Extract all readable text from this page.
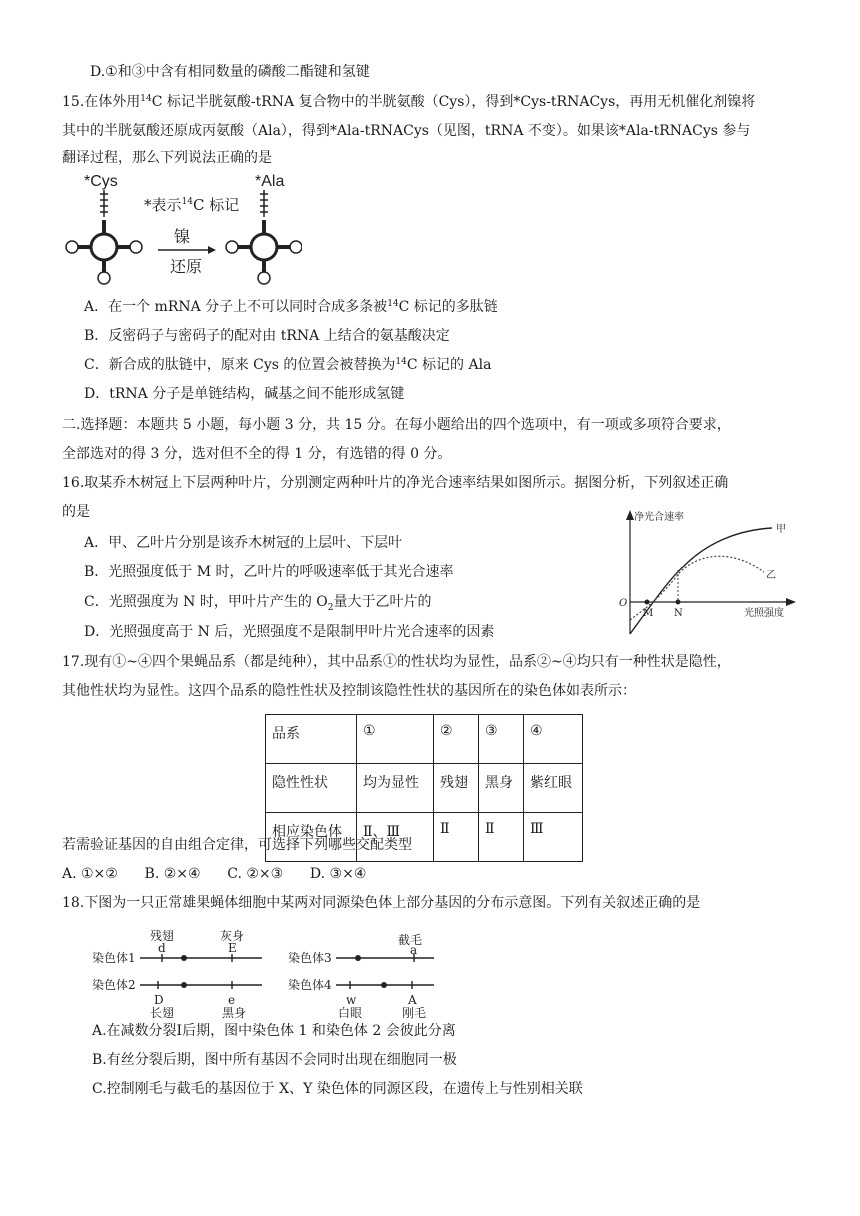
D.①和③中含有相同数量的磷酸二酯键和氢键
15.在体外用$^{14}$C 标记半胱氨酸-tRNA 复合物中的半胱氨酸（Cys），得到*Cys-tRNACys，再用无机催化剂镍将
其中的半胱氨酸还原成丙氨酸（Ala），得到*Ala-tRNACys（见图，tRNA 不变）。如果该*Ala-tRNACys 参与
翻译过程，那么下列说法正确的是
*Cys
*表示$^{14}$C 标记
镍
还原
*Ala
A．在一个 mRNA 分子上不可以同时合成多条被$^{14}$C 标记的多肽链
B．反密码子与密码子的配对由 tRNA 上结合的氨基酸决定
C．新合成的肽链中，原来 Cys 的位置会被替换为$^{14}$C 标记的 Ala
D．tRNA 分子是单链结构，碱基之间不能形成氢键
二.选择题：本题共 5 小题，每小题 3 分，共 15 分。在每小题给出的四个选项中，有一项或多项符合要求，
全部选对的得 3 分，选对但不全的得 1 分，有选错的得 0 分。
16.取某乔木树冠上下层两种叶片，分别测定两种叶片的净光合速率结果如图所示。据图分析，下列叙述正确
的是
A．甲、乙叶片分别是该乔木树冠的上层叶、下层叶
B．光照强度低于 M 时，乙叶片的呼吸速率低于其光合速率
C．光照强度为 N 时，甲叶片产生的 $O_2$量大于乙叶片的
D．光照强度高于 N 后，光照强度不是限制甲叶片光合速率的因素
净光合速率
光照强度
O
M N
甲
乙
17.现有①~④四个果蝇品系（都是纯种），其中品系①的性状均为显性，品系②~④均只有一种性状是隐性，
其他性状均为显性。这四个品系的隐性性状及控制该隐性性状的基因所在的染色体如表所示：
品系	①	②	③	④
隐性性状	均为显性	残翅	黑身	紫红眼
相应染色体	Ⅱ、Ⅲ	Ⅱ	Ⅱ	Ⅲ
若需验证基因的自由组合定律，可选择下列哪些交配类型
A. ①×②      B. ②×④      C. ②×③      D. ③×④
18.下图为一只正常雄果蝇体细胞中某两对同源染色体上部分基因的分布示意图。下列有关叙述正确的是
染色体1
染色体2
染色体3
染色体4
残翅
d
灰身
E
D
长翅
e
黑身
截毛
a
w
白眼
A
刚毛
A.在减数分裂Ⅰ后期，图中染色体 1 和染色体 2 会彼此分离
B.有丝分裂后期，图中所有基因不会同时出现在细胞同一极
C.控制刚毛与截毛的基因位于 X、Y 染色体的同源区段，在遗传上与性别相关联
